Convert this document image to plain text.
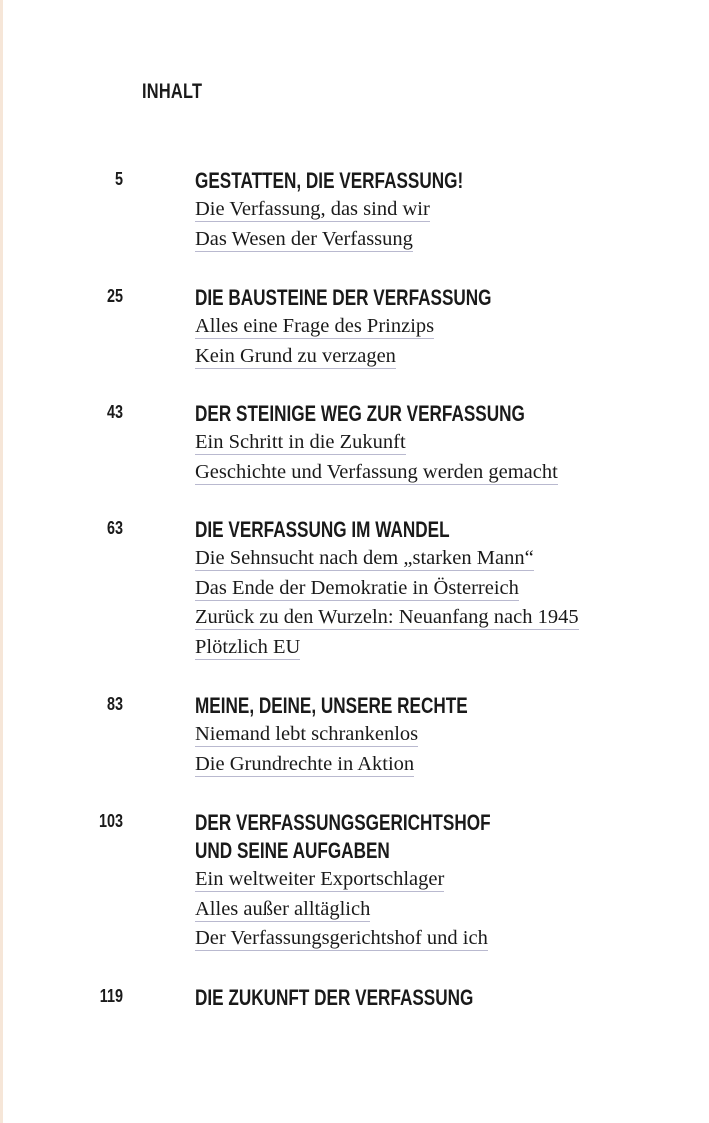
INHALT
5	GESTATTEN, DIE VERFASSUNG!
Die Verfassung, das sind wir
Das Wesen der Verfassung
25	DIE BAUSTEINE DER VERFASSUNG
Alles eine Frage des Prinzips
Kein Grund zu verzagen
43	DER STEINIGE WEG ZUR VERFASSUNG
Ein Schritt in die Zukunft
Geschichte und Verfassung werden gemacht
63	DIE VERFASSUNG IM WANDEL
Die Sehnsucht nach dem „starken Mann“
Das Ende der Demokratie in Österreich
Zurück zu den Wurzeln: Neuanfang nach 1945
Plötzlich EU
83	MEINE, DEINE, UNSERE RECHTE
Niemand lebt schrankenlos
Die Grundrechte in Aktion
103	DER VERFASSUNGSGERICHTSHOF
UND SEINE AUFGABEN
Ein weltweiter Exportschlager
Alles außer alltäglich
Der Verfassungsgerichtshof und ich
119	DIE ZUKUNFT DER VERFASSUNG
